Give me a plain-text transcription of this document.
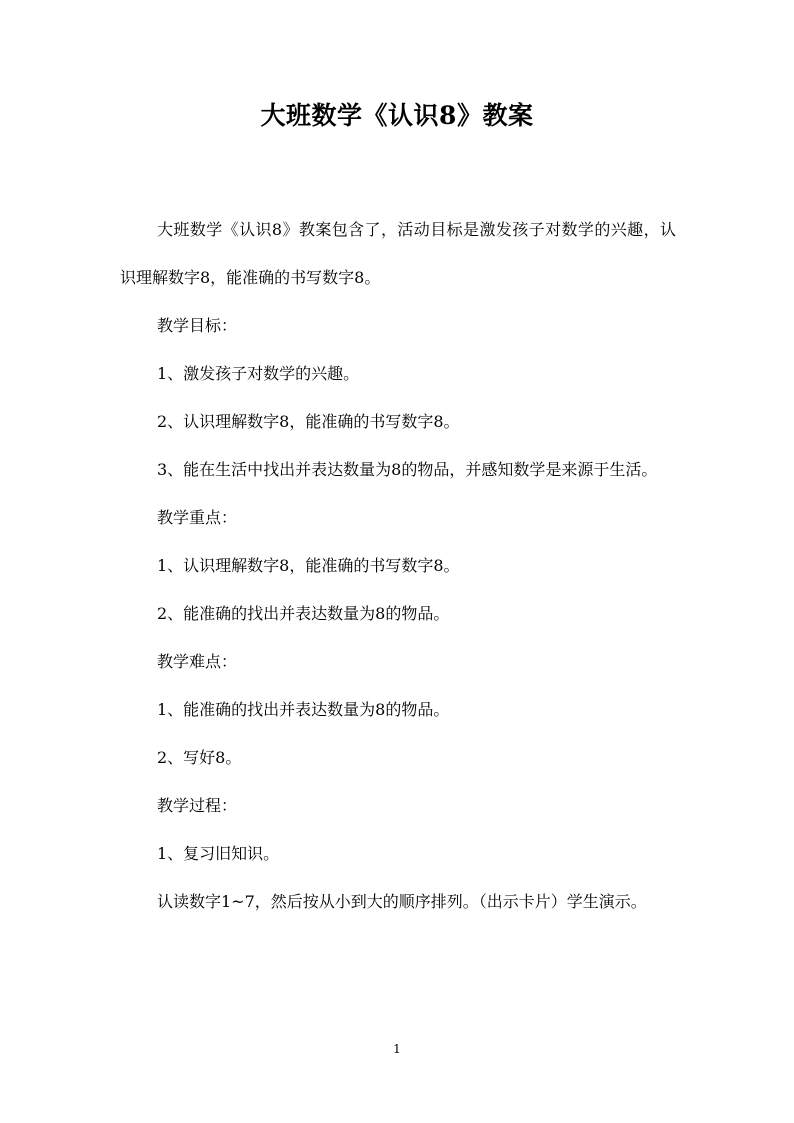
大班数学《认识8》教案

大班数学《认识8》教案包含了，活动目标是激发孩子对数学的兴趣，认识理解数字8，能准确的书写数字8。

教学目标：

1、激发孩子对数学的兴趣。

2、认识理解数字8，能准确的书写数字8。

3、能在生活中找出并表达数量为8的物品，并感知数学是来源于生活。

教学重点：

1、认识理解数字8，能准确的书写数字8。

2、能准确的找出并表达数量为8的物品。

教学难点：

1、能准确的找出并表达数量为8的物品。

2、写好8。

教学过程：

1、复习旧知识。

认读数字1~7，然后按从小到大的顺序排列。（出示卡片）学生演示。

1
